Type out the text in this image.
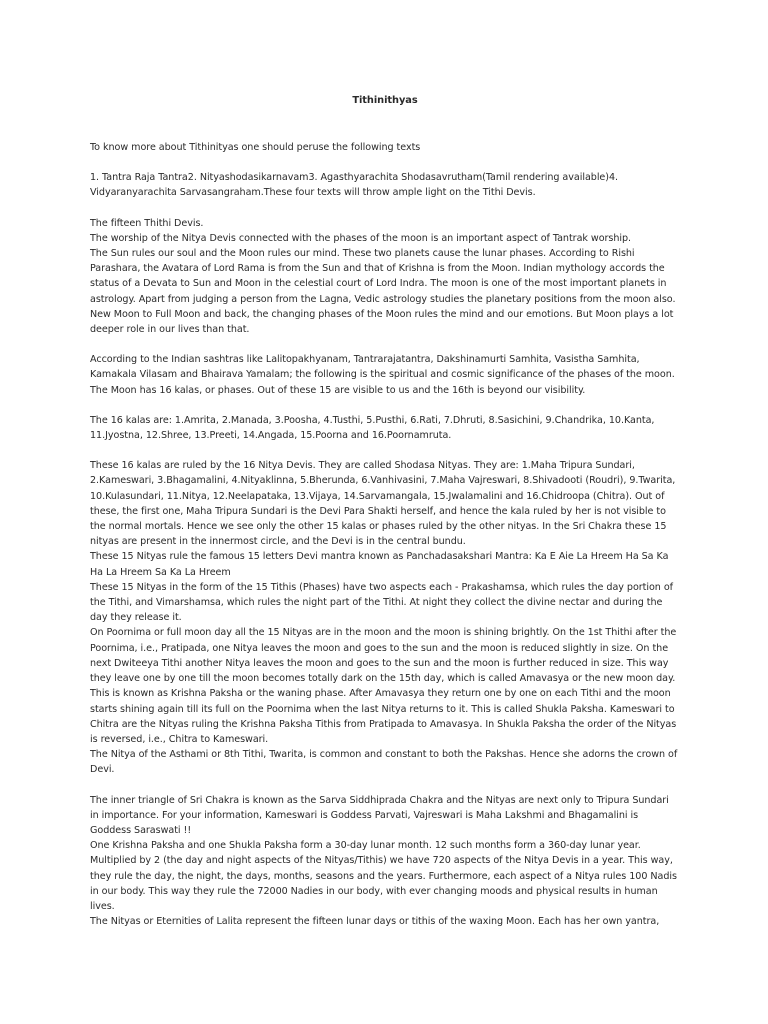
Tithinithyas

To know more about Tithinityas one should peruse the following texts

1. Tantra Raja Tantra2. Nityashodasikarnavam3. Agasthyarachita Shodasavrutham(Tamil rendering available)4. Vidyaranyarachita Sarvasangraham.These four texts will throw ample light on the Tithi Devis.

The fifteen Thithi Devis.

The worship of the Nitya Devis connected with the phases of the moon is an important aspect of Tantrak worship.

The Sun rules our soul and the Moon rules our mind. These two planets cause the lunar phases. According to Rishi Parashara, the Avatara of Lord Rama is from the Sun and that of Krishna is from the Moon. Indian mythology accords the status of a Devata to Sun and Moon in the celestial court of Lord Indra. The moon is one of the most important planets in astrology. Apart from judging a person from the Lagna, Vedic astrology studies the planetary positions from the moon also. New Moon to Full Moon and back, the changing phases of the Moon rules the mind and our emotions. But Moon plays a lot deeper role in our lives than that.

According to the Indian sashtras like Lalitopakhyanam, Tantrarajatantra, Dakshinamurti Samhita, Vasistha Samhita, Kamakala Vilasam and Bhairava Yamalam; the following is the spiritual and cosmic significance of the phases of the moon. The Moon has 16 kalas, or phases. Out of these 15 are visible to us and the 16th is beyond our visibility.

The 16 kalas are: 1.Amrita, 2.Manada, 3.Poosha, 4.Tusthi, 5.Pusthi, 6.Rati, 7.Dhruti, 8.Sasichini, 9.Chandrika, 10.Kanta, 11.Jyostna, 12.Shree, 13.Preeti, 14.Angada, 15.Poorna and 16.Poornamruta.

These 16 kalas are ruled by the 16 Nitya Devis. They are called Shodasa Nityas. They are: 1.Maha Tripura Sundari, 2.Kameswari, 3.Bhagamalini, 4.Nityaklinna, 5.Bherunda, 6.Vanhivasini, 7.Maha Vajreswari, 8.Shivadooti (Roudri), 9.Twarita, 10.Kulasundari, 11.Nitya, 12.Neelapataka, 13.Vijaya, 14.Sarvamangala, 15.Jwalamalini and 16.Chidroopa (Chitra). Out of these, the first one, Maha Tripura Sundari is the Devi Para Shakti herself, and hence the kala ruled by her is not visible to the normal mortals. Hence we see only the other 15 kalas or phases ruled by the other nityas. In the Sri Chakra these 15 nityas are present in the innermost circle, and the Devi is in the central bundu.

These 15 Nityas rule the famous 15 letters Devi mantra known as Panchadasakshari Mantra: Ka E Aie La Hreem Ha Sa Ka Ha La Hreem Sa Ka La Hreem

These 15 Nityas in the form of the 15 Tithis (Phases) have two aspects each - Prakashamsa, which rules the day portion of the Tithi, and Vimarshamsa, which rules the night part of the Tithi. At night they collect the divine nectar and during the day they release it.

On Poornima or full moon day all the 15 Nityas are in the moon and the moon is shining brightly. On the 1st Thithi after the Poornima, i.e., Pratipada, one Nitya leaves the moon and goes to the sun and the moon is reduced slightly in size. On the next Dwiteeya Tithi another Nitya leaves the moon and goes to the sun and the moon is further reduced in size. This way they leave one by one till the moon becomes totally dark on the 15th day, which is called Amavasya or the new moon day. This is known as Krishna Paksha or the waning phase. After Amavasya they return one by one on each Tithi and the moon starts shining again till its full on the Poornima when the last Nitya returns to it. This is called Shukla Paksha. Kameswari to Chitra are the Nityas ruling the Krishna Paksha Tithis from Pratipada to Amavasya. In Shukla Paksha the order of the Nityas is reversed, i.e., Chitra to Kameswari.

The Nitya of the Asthami or 8th Tithi, Twarita, is common and constant to both the Pakshas. Hence she adorns the crown of Devi.

The inner triangle of Sri Chakra is known as the Sarva Siddhiprada Chakra and the Nityas are next only to Tripura Sundari in importance. For your information, Kameswari is Goddess Parvati, Vajreswari is Maha Lakshmi and Bhagamalini is Goddess Saraswati !!

One Krishna Paksha and one Shukla Paksha form a 30-day lunar month. 12 such months form a 360-day lunar year. Multiplied by 2 (the day and night aspects of the Nityas/Tithis) we have 720 aspects of the Nitya Devis in a year. This way, they rule the day, the night, the days, months, seasons and the years. Furthermore, each aspect of a Nitya rules 100 Nadis in our body. This way they rule the 72000 Nadies in our body, with ever changing moods and physical results in human lives.

The Nityas or Eternities of Lalita represent the fifteen lunar days or tithis of the waxing Moon. Each has her own yantra,
